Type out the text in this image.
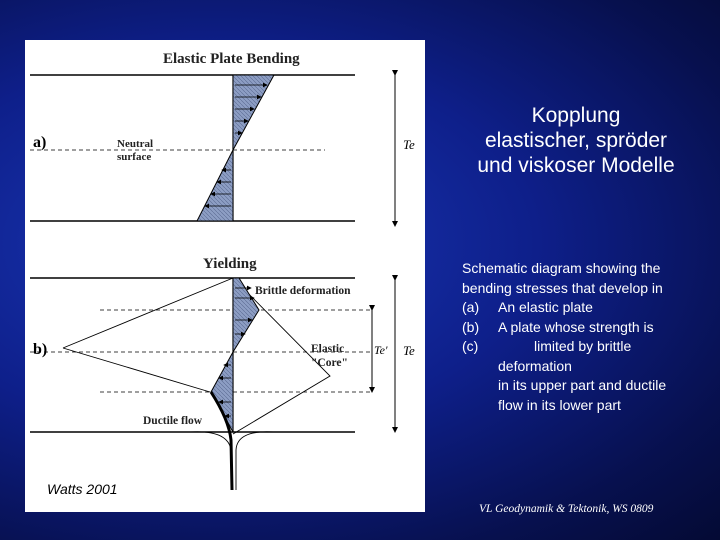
Elastic Plate Bending
a)	Neutral
surface
Te
Yielding
b)
Brittle deformation
Elastic
"Core"
Ductile flow
Te' Te
Watts 2001
Kopplung
elastischer, spröder
und viskoser Modelle
Schematic diagram showing the
bending stresses that develop in
(a)	An elastic plate
(b)	A plate whose strength is
(c)	limited by brittle
deformation
in its upper part and ductile
flow in its lower part
VL Geodynamik & Tektonik, WS 0809
